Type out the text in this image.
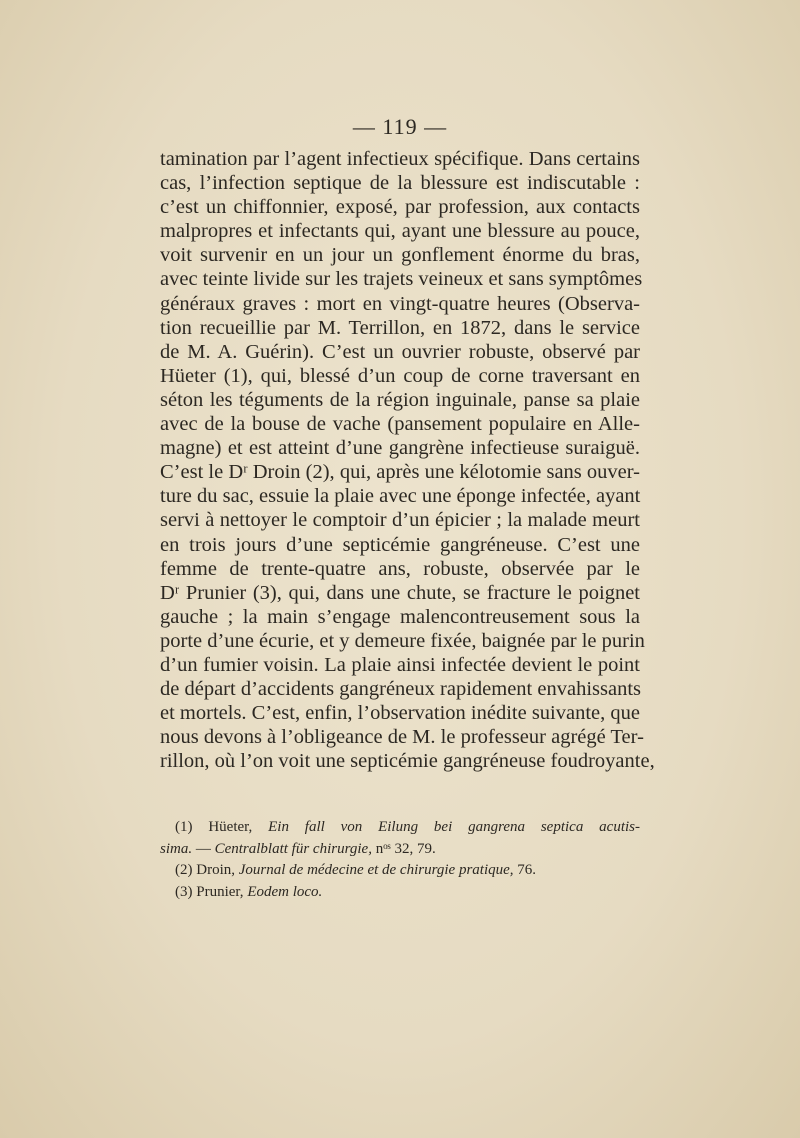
— 119 —
tamination par l’agent infectieux spécifique. Dans certains
cas, l’infection septique de la blessure est indiscutable :
c’est un chiffonnier, exposé, par profession, aux contacts
malpropres et infectants qui, ayant une blessure au pouce,
voit survenir en un jour un gonflement énorme du bras,
avec teinte livide sur les trajets veineux et sans symptômes
généraux graves : mort en vingt-quatre heures (Observa-
tion recueillie par M. Terrillon, en 1872, dans le service
de M. A. Guérin). C’est un ouvrier robuste, observé par
Hüeter (1), qui, blessé d’un coup de corne traversant en
séton les téguments de la région inguinale, panse sa plaie
avec de la bouse de vache (pansement populaire en Alle-
magne) et est atteint d’une gangrène infectieuse suraiguë.
C’est le Dʳ Droin (2), qui, après une kélotomie sans ouver-
ture du sac, essuie la plaie avec une éponge infectée, ayant
servi à nettoyer le comptoir d’un épicier ; la malade meurt
en trois jours d’une septicémie gangréneuse. C’est une
femme de trente-quatre ans, robuste, observée par le
Dʳ Prunier (3), qui, dans une chute, se fracture le poignet
gauche ; la main s’engage malencontreusement sous la
porte d’une écurie, et y demeure fixée, baignée par le purin
d’un fumier voisin. La plaie ainsi infectée devient le point
de départ d’accidents gangréneux rapidement envahissants
et mortels. C’est, enfin, l’observation inédite suivante, que
nous devons à l’obligeance de M. le professeur agrégé Ter-
rillon, où l’on voit une septicémie gangréneuse foudroyante,
(1) Hüeter, Ein fall von Eilung bei gangrena septica acutis-
sima. — Centralblatt für chirurgie, nᵒˢ 32, 79.
(2) Droin, Journal de médecine et de chirurgie pratique, 76.
(3) Prunier, Eodem loco.
